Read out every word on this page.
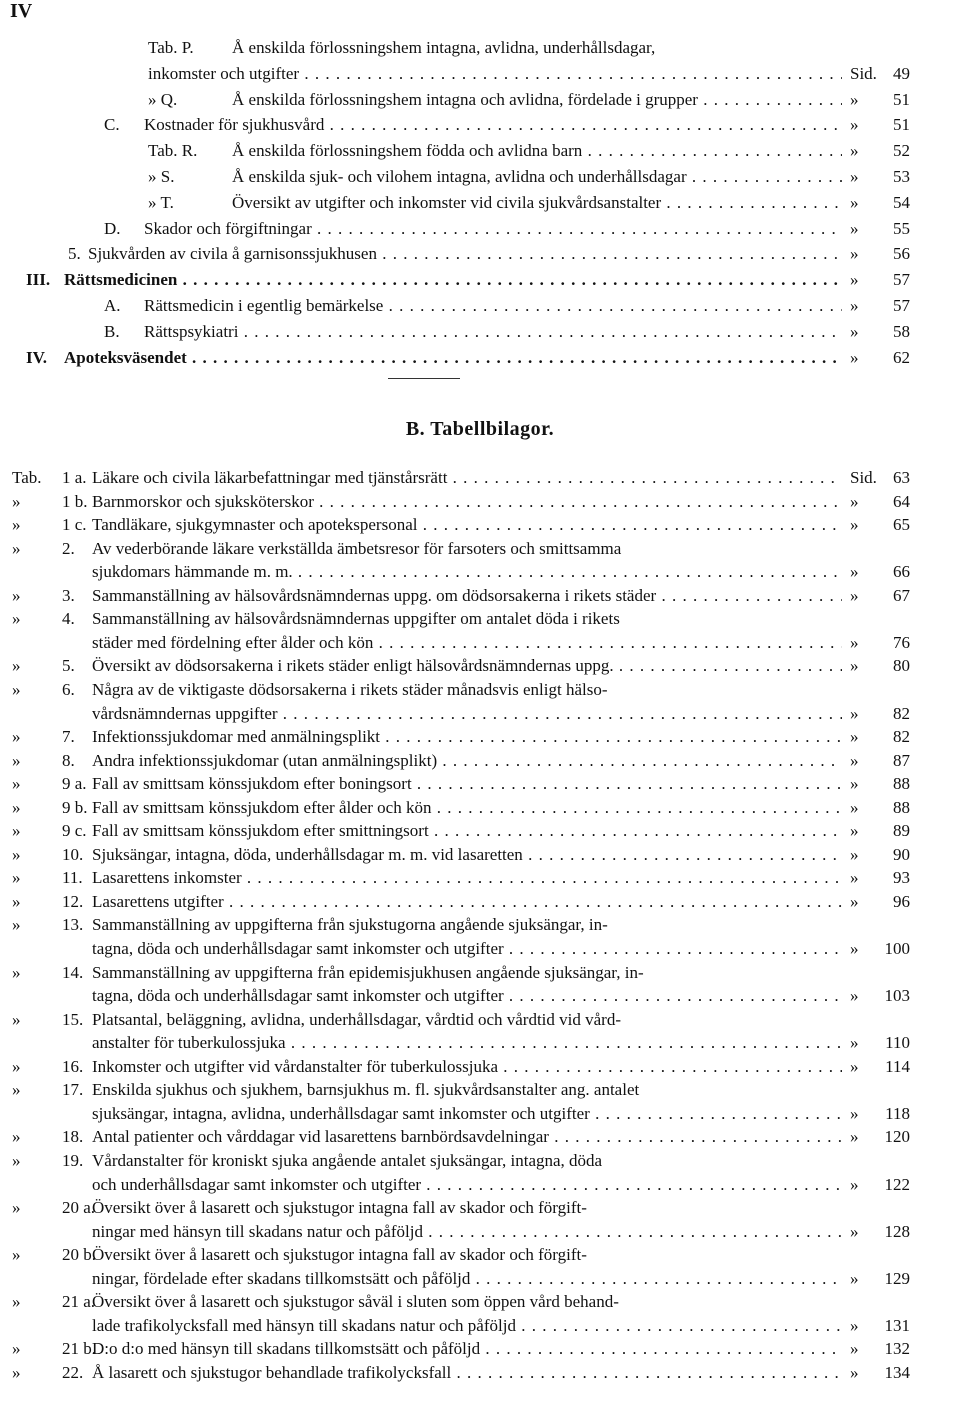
IV
Tab. P. Å enskilda förlossningshem intagna, avlidna, underhållsdagar,
inkomster och utgifter . . .	Sid. 49
» Q.	Å enskilda förlossningshem intagna och avlidna, fördelade i grupper . . .	» 51
C. Kostnader för sjukhusvård . . .	» 51
Tab. R. Å enskilda förlossningshem födda och avlidna barn . . .	» 52
» S.	Å enskilda sjuk- och vilohem intagna, avlidna och underhållsdagar . . .	» 53
» T.	Översikt av utgifter och inkomster vid civila sjukvårdsanstalter . . .	» 54
D. Skador och förgiftningar . . .	» 55
5. Sjukvården av civila å garnisonssjukhusen . . .	» 56
III. Rättsmedicinen . . .	» 57
A. Rättsmedicin i egentlig bemärkelse . . .	» 57
B. Rättspsykiatri . . .	» 58
IV. Apoteksväsendet . . .	» 62
B. Tabellbilagor.
Tab. 1 a. Läkare och civila läkarbefattningar med tjänstårsrätt . . .	Sid. 63
» 1 b. Barnmorskor och sjuksköterskor . . .	» 64
» 1 c. Tandläkare, sjukgymnaster och apotekspersonal . . .	» 65
» 2. Av vederbörande läkare verkställda ämbetsresor för farsoters och smittsamma
sjukdomars hämmande m. m. . . .	» 66
» 3. Sammanställning av hälsovårdsnämndernas uppg. om dödsorsakerna i rikets städer . . .	» 67
» 4. Sammanställning av hälsovårdsnämndernas uppgifter om antalet döda i rikets
städer med fördelning efter ålder och kön . . .	» 76
» 5. Översikt av dödsorsakerna i rikets städer enligt hälsovårdsnämndernas uppg. . . .	» 80
» 6. Några av de viktigaste dödsorsakerna i rikets städer månadsvis enligt hälso-
vårdsnämndernas uppgifter . . .	» 82
» 7. Infektionssjukdomar med anmälningsplikt . . .	» 82
» 8. Andra infektionssjukdomar (utan anmälningsplikt) . . .	» 87
» 9 a. Fall av smittsam könssjukdom efter boningsort . . .	» 88
» 9 b. Fall av smittsam könssjukdom efter ålder och kön . . .	» 88
» 9 c. Fall av smittsam könssjukdom efter smittningsort . . .	» 89
» 10. Sjuksängar, intagna, döda, underhållsdagar m. m. vid lasaretten . . .	» 90
» 11. Lasarettens inkomster . . .	» 93
» 12. Lasarettens utgifter . . .	» 96
» 13. Sammanställning av uppgifterna från sjukstugorna angående sjuksängar, in-
tagna, döda och underhållsdagar samt inkomster och utgifter . . .	» 100
» 14. Sammanställning av uppgifterna från epidemisjukhusen angående sjuksängar, in-
tagna, döda och underhållsdagar samt inkomster och utgifter . . .	» 103
» 15. Platsantal, beläggning, avlidna, underhållsdagar, vårdtid och vårdtid vid vård-
anstalter för tuberkulossjuka . . .	» 110
» 16. Inkomster och utgifter vid vårdanstalter för tuberkulossjuka . . .	» 114
» 17. Enskilda sjukhus och sjukhem, barnsjukhus m. fl. sjukvårdsanstalter ang. antalet
sjuksängar, intagna, avlidna, underhållsdagar samt inkomster och utgifter . . .	» 118
» 18. Antal patienter och vårddagar vid lasarettens barnbördsavdelningar . . .	» 120
» 19. Vårdanstalter för kroniskt sjuka angående antalet sjuksängar, intagna, döda
och underhållsdagar samt inkomster och utgifter . . .	» 122
» 20 a.
Översikt över å lasarett och sjukstugor intagna fall av skador och förgift-
ningar med hänsyn till skadans natur och påföljd . . .	» 128
» 20 b.
Översikt över å lasarett och sjukstugor intagna fall av skador och förgift-
ningar, fördelade efter skadans tillkomstsätt och påföljd . . .	» 129
» 21 a.
Översikt över å lasarett och sjukstugor såväl i sluten som öppen vård behand-
lade trafikolycksfall med hänsyn till skadans natur och påföljd . . .	» 131
» 21 b.
D:o d:o med hänsyn till skadans tillkomstsätt och påföljd . . .	» 132
» 22. Å lasarett och sjukstugor behandlade trafikolycksfall . . .	» 134
